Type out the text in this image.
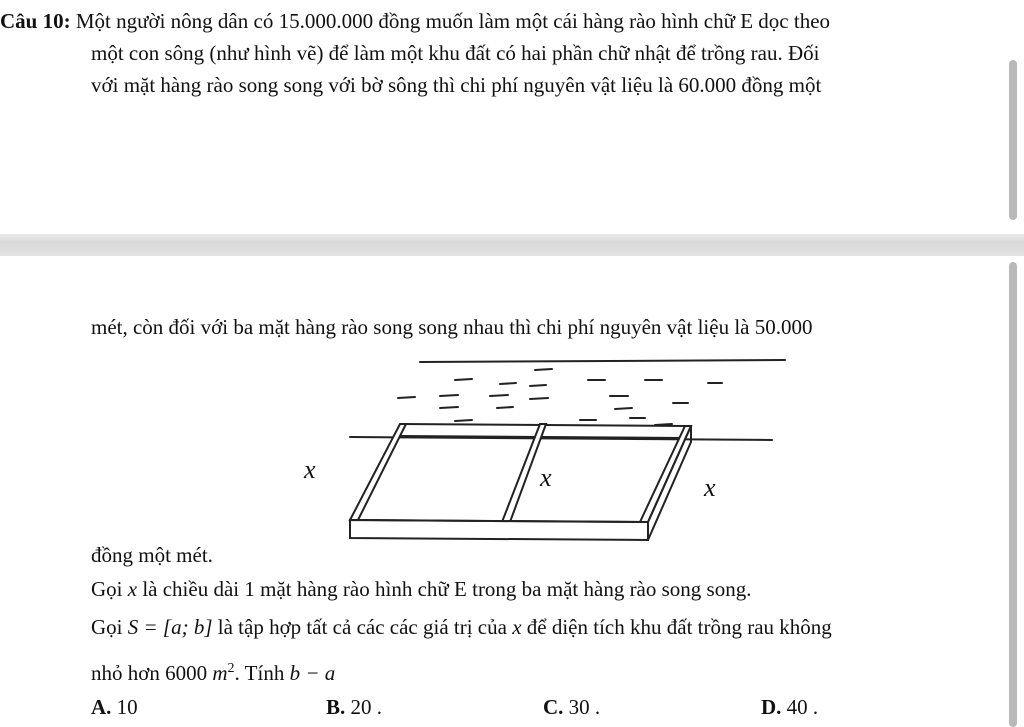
Câu 10: Một người nông dân có 15.000.000 đồng muốn làm một cái hàng rào hình chữ E dọc theo
một con sông (như hình vẽ) để làm một khu đất có hai phần chữ nhật để trồng rau. Đối
với mặt hàng rào song song với bờ sông thì chi phí nguyên vật liệu là 60.000 đồng một
mét, còn đối với ba mặt hàng rào song song nhau thì chi phí nguyên vật liệu là 50.000
x	x	x
đồng một mét.
Gọi x là chiều dài 1 mặt hàng rào hình chữ E trong ba mặt hàng rào song song.
Gọi S = [a; b] là tập hợp tất cả các các giá trị của x để diện tích khu đất trồng rau không
nhỏ hơn 6000 $m^2$. Tính b − a
A. 10	B. 20 .	C. 30 .	D. 40 .
